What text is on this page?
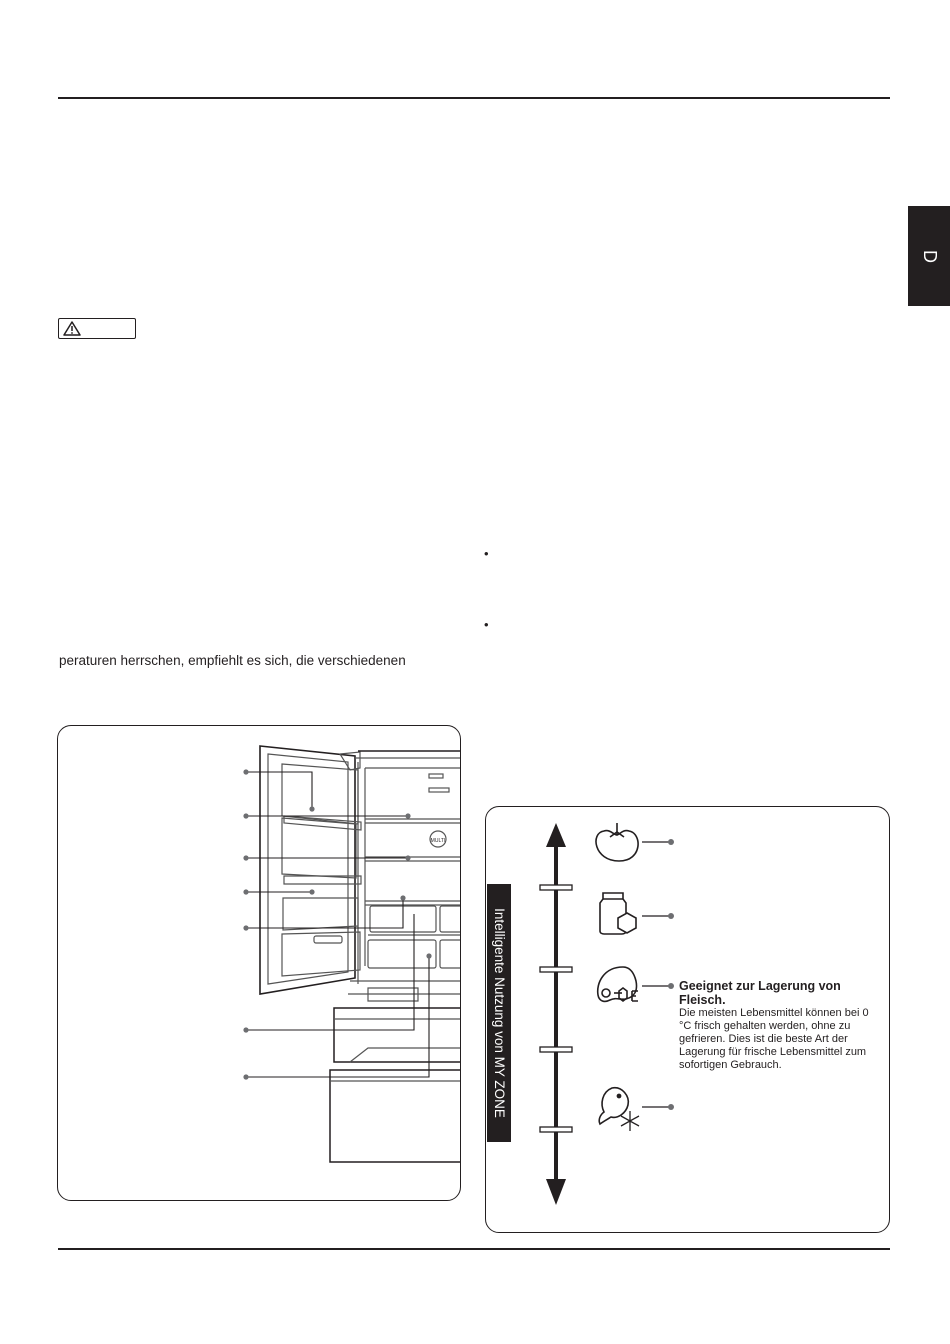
D
peraturen herrschen, empfiehlt es sich, die verschiedenen
•
•
MULTI
Intelligente Nutzung von MY ZONE	Geeignet zur Lagerung von Fleisch.
Die meisten Lebensmittel können bei 0 °C frisch gehalten werden, ohne zu gefrieren. Dies ist die beste Art der Lagerung für frische Lebensmittel zum sofortigen Gebrauch.
